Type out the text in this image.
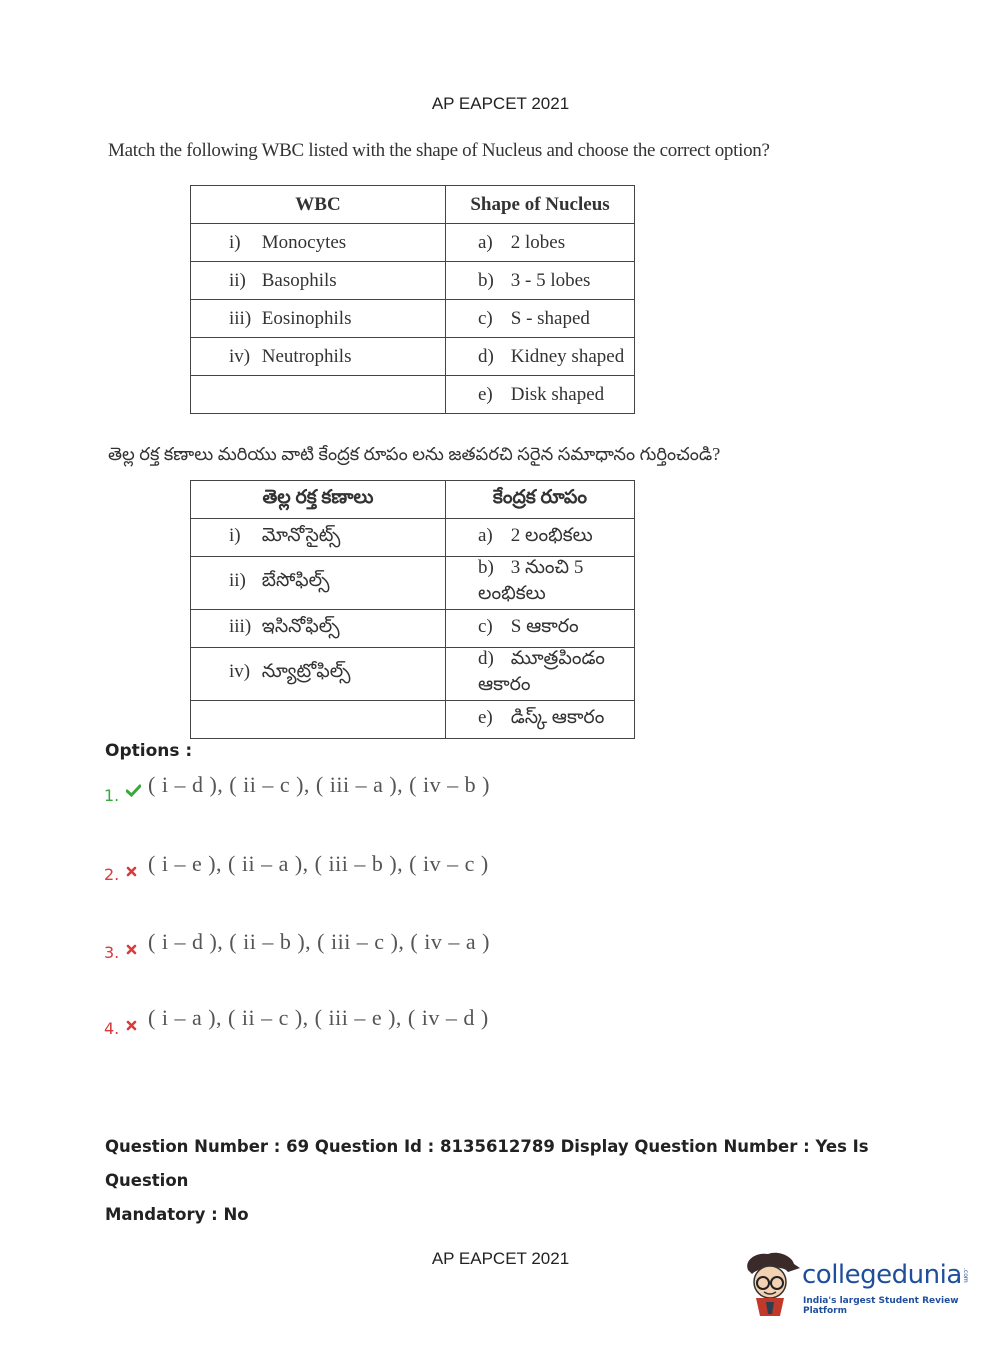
AP EAPCET 2021
Match the following WBC listed with the shape of Nucleus and choose the correct option?
WBC	Shape of Nucleus
i) Monocytes	a) 2 lobes
ii) Basophils	b) 3 - 5 lobes
iii) Eosinophils	c) S - shaped
iv) Neutrophils	d) Kidney shaped
	e) Disk shaped
తెల్ల రక్త కణాలు మరియు వాటి కేంద్రక రూపం లను జతపరచి సరైన సమాధానం గుర్తించండి?
తెల్ల రక్త కణాలు	కేంద్రక రూపం
i) మోనోసైట్స్	a) 2 లంభికలు
ii) బేసోఫిల్స్	b) 3 నుంచి 5 లంభికలు
iii) ఇసినోఫిల్స్	c) S ఆకారం
iv) న్యూట్రోఫిల్స్	d) మూత్రపిండం ఆకారం
	e) డిస్క్ ఆకారం
Options :
1. ( i – d ), ( ii – c ), ( iii – a ), ( iv – b )
2. ( i – e ), ( ii – a ), ( iii – b ), ( iv – c )
3. ( i – d ), ( ii – b ), ( iii – c ), ( iv – a )
4. ( i – a ), ( ii – c ), ( iii – e ), ( iv – d )
Question Number : 69 Question Id : 8135612789 Display Question Number : Yes Is Question
Mandatory : No
AP EAPCET 2021
collegedunia .com
India's largest Student Review Platform
